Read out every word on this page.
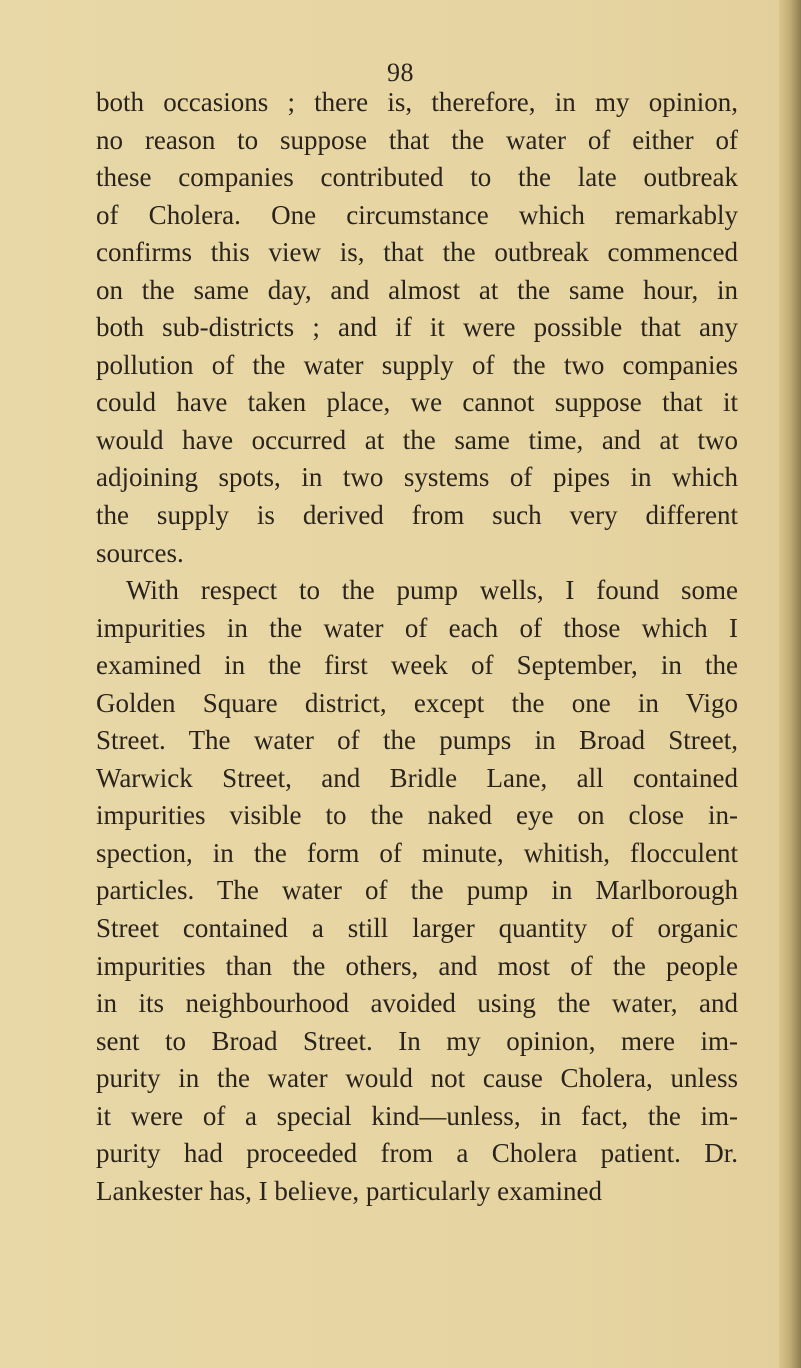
98
both occasions ; there is, therefore, in my opinion,
no reason to suppose that the water of either of
these companies contributed to the late outbreak
of Cholera. One circumstance which remarkably
confirms this view is, that the outbreak commenced
on the same day, and almost at the same hour, in
both sub-districts ; and if it were possible that any
pollution of the water supply of the two companies
could have taken place, we cannot suppose that it
would have occurred at the same time, and at two
adjoining spots, in two systems of pipes in which
the supply is derived from such very different
sources.
With respect to the pump wells, I found some
impurities in the water of each of those which I
examined in the first week of September, in the
Golden Square district, except the one in Vigo
Street. The water of the pumps in Broad Street,
Warwick Street, and Bridle Lane, all contained
impurities visible to the naked eye on close in-
spection, in the form of minute, whitish, flocculent
particles. The water of the pump in Marlborough
Street contained a still larger quantity of organic
impurities than the others, and most of the people
in its neighbourhood avoided using the water, and
sent to Broad Street. In my opinion, mere im-
purity in the water would not cause Cholera, unless
it were of a special kind—unless, in fact, the im-
purity had proceeded from a Cholera patient. Dr.
Lankester has, I believe, particularly examined
